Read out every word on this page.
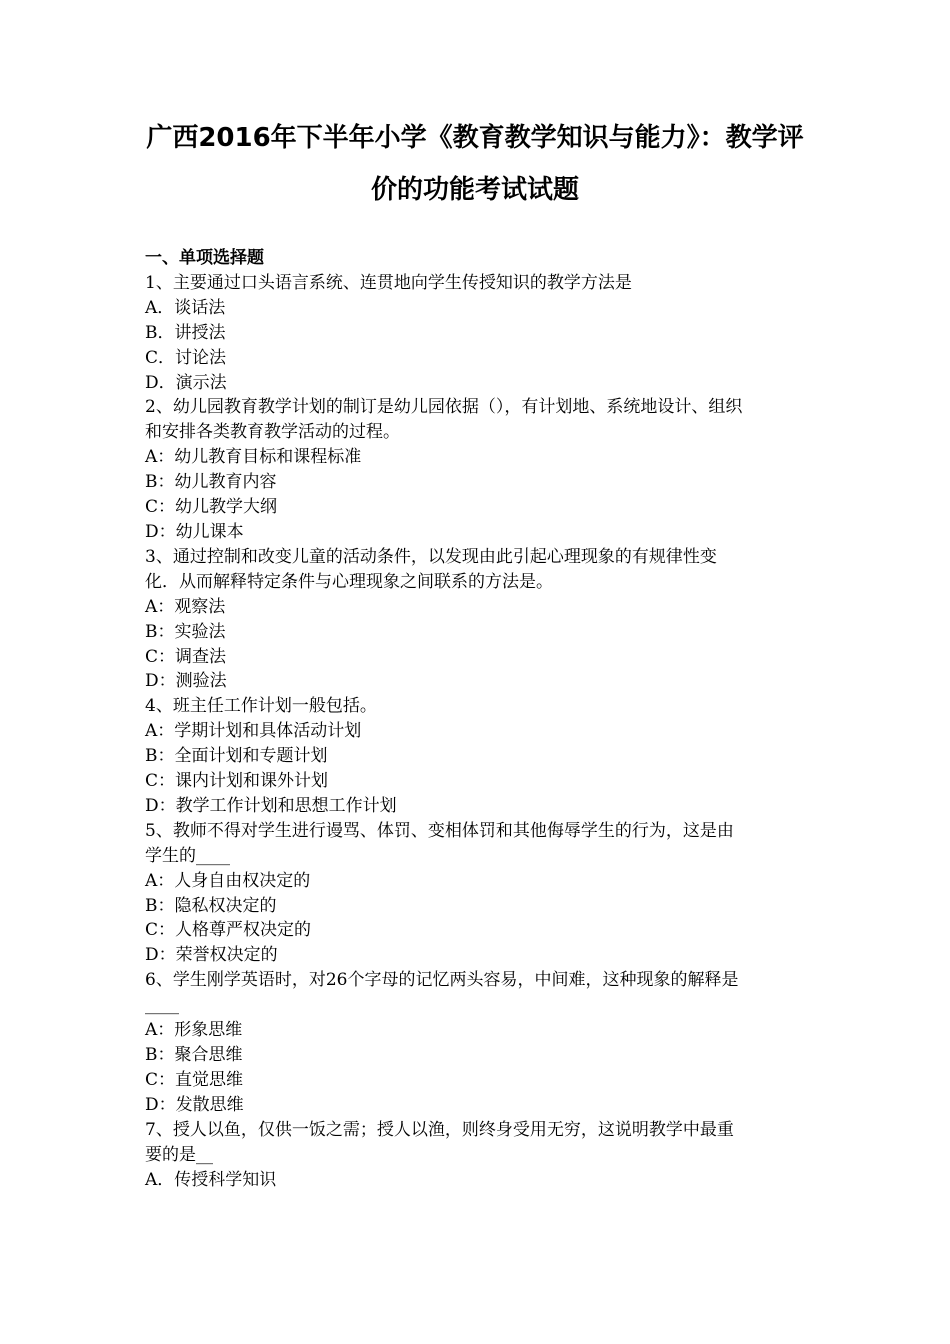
广西2016年下半年小学《教育教学知识与能力》：教学评
价的功能考试试题

一、单项选择题

1、主要通过口头语言系统、连贯地向学生传授知识的教学方法是
A．谈话法
B．讲授法
C．讨论法
D．演示法
2、幼儿园教育教学计划的制订是幼儿园依据（），有计划地、系统地设计、组织
和安排各类教育教学活动的过程。
A：幼儿教育目标和课程标准
B：幼儿教育内容
C：幼儿教学大纲
D：幼儿课本
3、通过控制和改变儿童的活动条件，以发现由此引起心理现象的有规律性变
化．从而解释特定条件与心理现象之间联系的方法是。
A：观察法
B：实验法
C：调查法
D：测验法
4、班主任工作计划一般包括。
A：学期计划和具体活动计划
B：全面计划和专题计划
C：课内计划和课外计划
D：教学工作计划和思想工作计划
5、教师不得对学生进行谩骂、体罚、变相体罚和其他侮辱学生的行为，这是由
学生的____
A：人身自由权决定的
B：隐私权决定的
C：人格尊严权决定的
D：荣誉权决定的
6、学生刚学英语时，对26个字母的记忆两头容易，中间难，这种现象的解释是
____
A：形象思维
B：聚合思维
C：直觉思维
D：发散思维
7、授人以鱼，仅供一饭之需；授人以渔，则终身受用无穷，这说明教学中最重
要的是__
A．传授科学知识
